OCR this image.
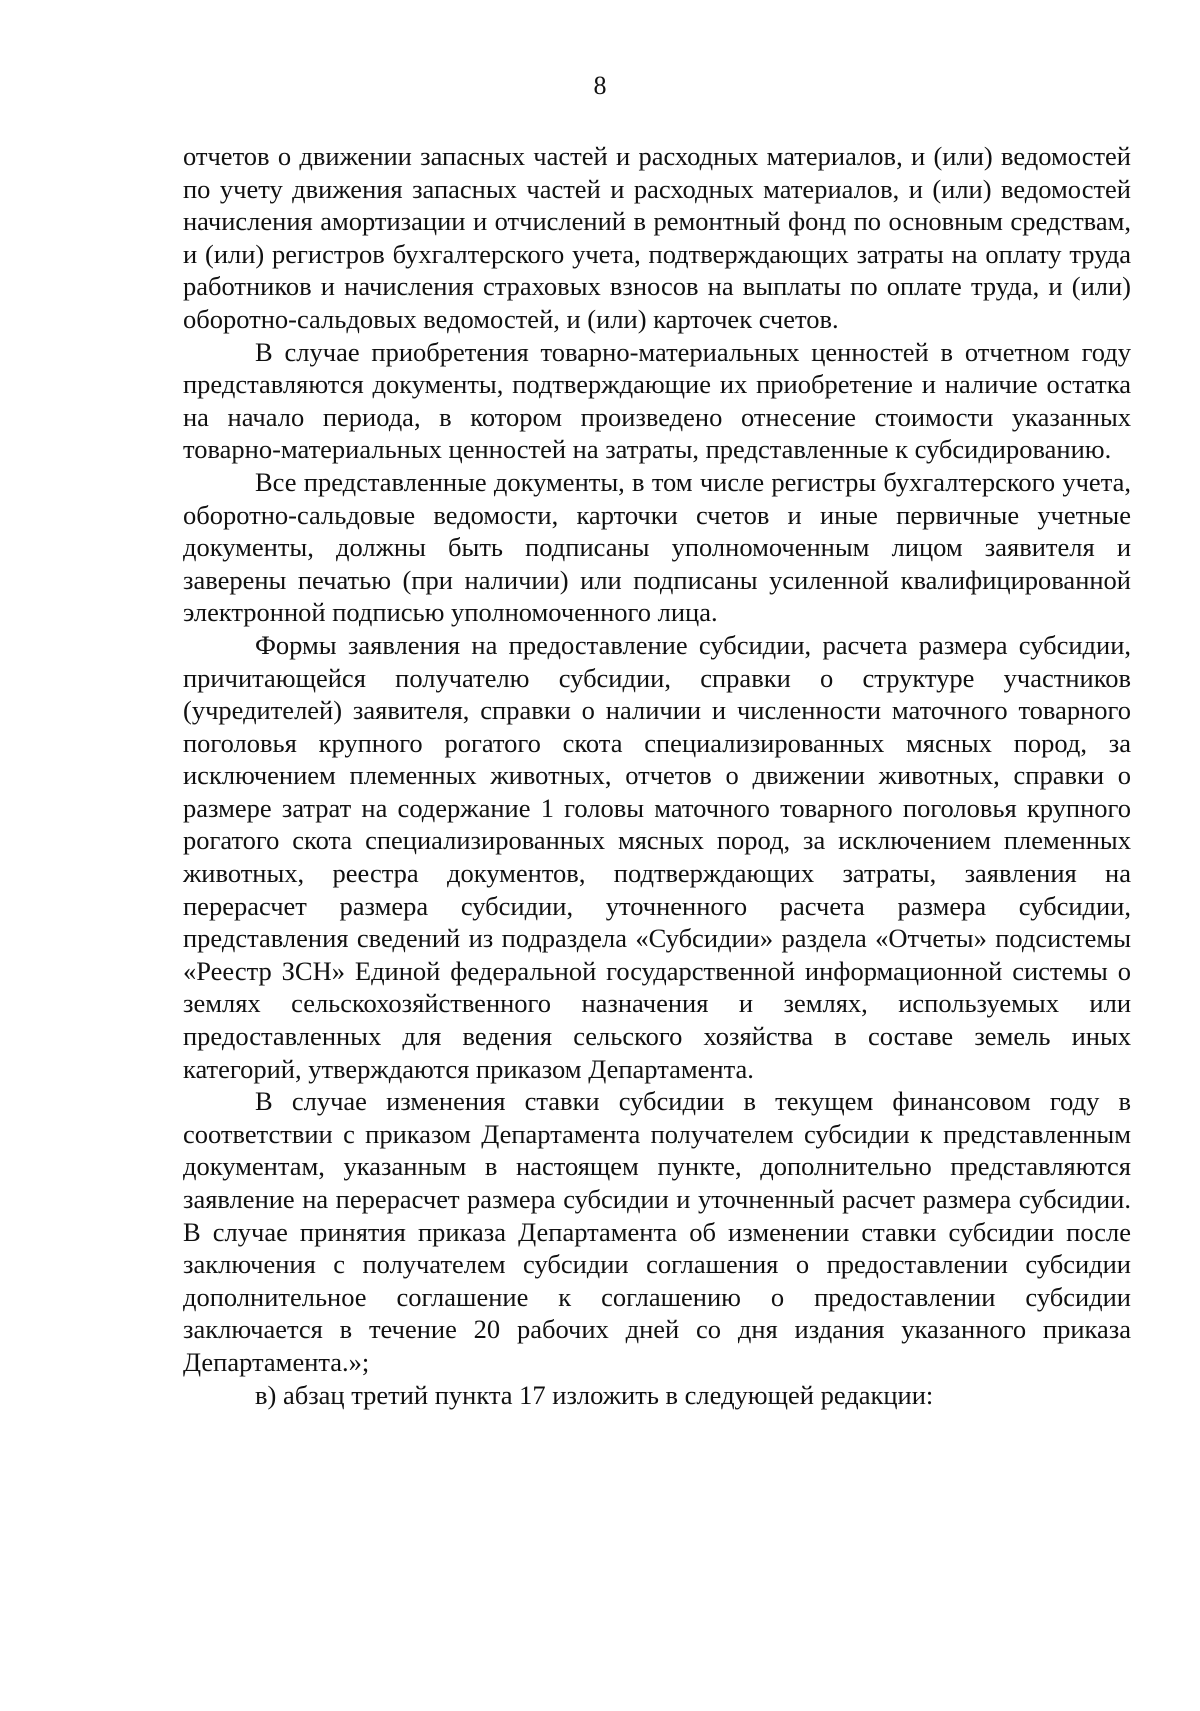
8

отчетов о движении запасных частей и расходных материалов, и (или) ведомостей по учету движения запасных частей и расходных материалов, и (или) ведомостей начисления амортизации и отчислений в ремонтный фонд по основным средствам, и (или) регистров бухгалтерского учета, подтверждающих затраты на оплату труда работников и начисления страховых взносов на выплаты по оплате труда, и (или) оборотно-сальдовых ведомостей, и (или) карточек счетов.

В случае приобретения товарно-материальных ценностей в отчетном году представляются документы, подтверждающие их приобретение и наличие остатка на начало периода, в котором произведено отнесение стоимости указанных товарно-материальных ценностей на затраты, представленные к субсидированию.

Все представленные документы, в том числе регистры бухгалтерского учета, оборотно-сальдовые ведомости, карточки счетов и иные первичные учетные документы, должны быть подписаны уполномоченным лицом заявителя и заверены печатью (при наличии) или подписаны усиленной квалифицированной электронной подписью уполномоченного лица.

Формы заявления на предоставление субсидии, расчета размера субсидии, причитающейся получателю субсидии, справки о структуре участников (учредителей) заявителя, справки о наличии и численности маточного товарного поголовья крупного рогатого скота специализированных мясных пород, за исключением племенных животных, отчетов о движении животных, справки о размере затрат на содержание 1 головы маточного товарного поголовья крупного рогатого скота специализированных мясных пород, за исключением племенных животных, реестра документов, подтверждающих затраты, заявления на перерасчет размера субсидии, уточненного расчета размера субсидии, представления сведений из подраздела «Субсидии» раздела «Отчеты» подсистемы «Реестр ЗСН» Единой федеральной государственной информационной системы о землях сельскохозяйственного назначения и землях, используемых или предоставленных для ведения сельского хозяйства в составе земель иных категорий, утверждаются приказом Департамента.

В случае изменения ставки субсидии в текущем финансовом году в соответствии с приказом Департамента получателем субсидии к представленным документам, указанным в настоящем пункте, дополнительно представляются заявление на перерасчет размера субсидии и уточненный расчет размера субсидии. В случае принятия приказа Департамента об изменении ставки субсидии после заключения с получателем субсидии соглашения о предоставлении субсидии дополнительное соглашение к соглашению о предоставлении субсидии заключается в течение 20 рабочих дней со дня издания указанного приказа Департамента.»;

в) абзац третий пункта 17 изложить в следующей редакции:
